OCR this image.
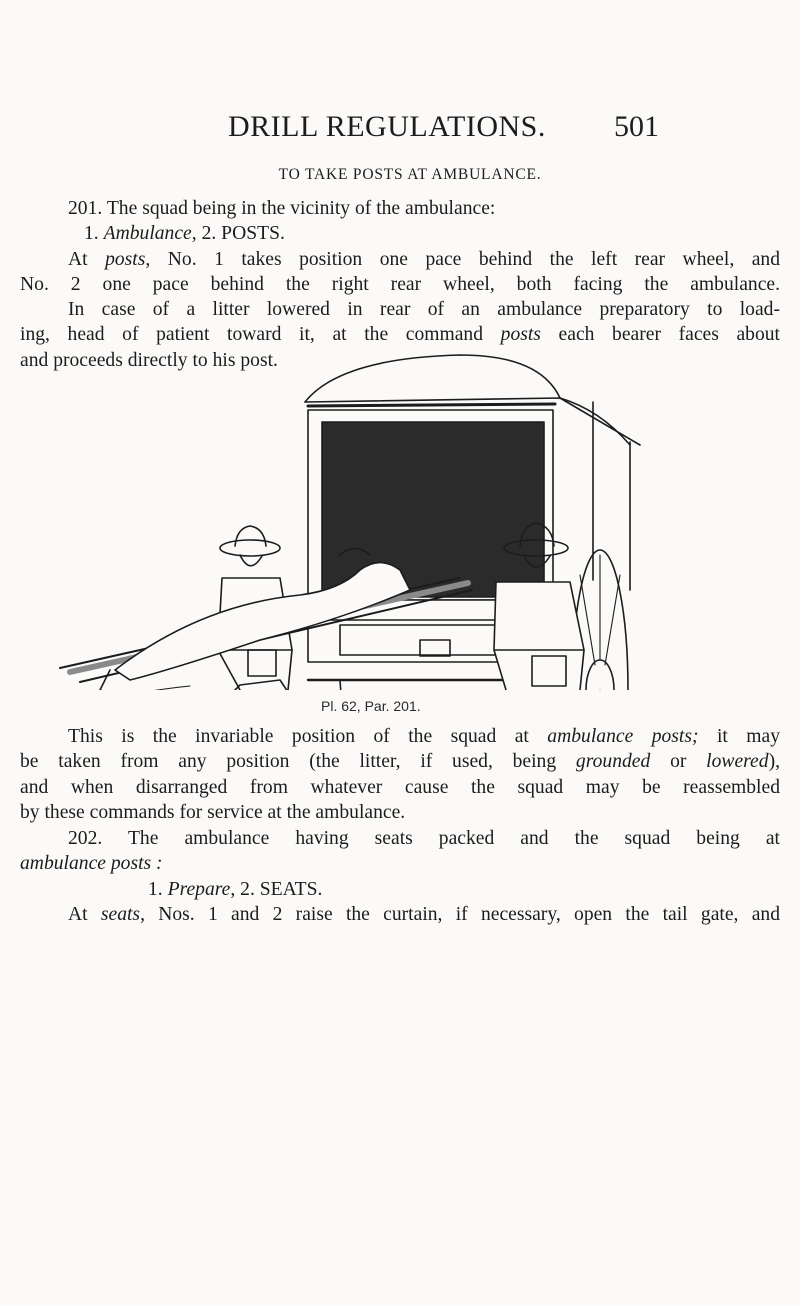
DRILL REGULATIONS. 501
TO TAKE POSTS AT AMBULANCE.
201. The squad being in the vicinity of the ambulance:
1. Ambulance, 2. POSTS.
At posts, No. 1 takes position one pace behind the left rear wheel, and
No. 2 one pace behind the right rear wheel, both facing the ambulance.
In case of a litter lowered in rear of an ambulance preparatory to load-
ing, head of patient toward it, at the command posts each bearer faces about
and proceeds directly to his post.
Pl. 62, Par. 201.
This is the invariable position of the squad at ambulance posts; it may
be taken from any position (the litter, if used, being grounded or lowered),
and when disarranged from whatever cause the squad may be reassembled
by these commands for service at the ambulance.
202. The ambulance having seats packed and the squad being at
ambulance posts :
1. Prepare, 2. SEATS.
At seats, Nos. 1 and 2 raise the curtain, if necessary, open the tail gate, and
